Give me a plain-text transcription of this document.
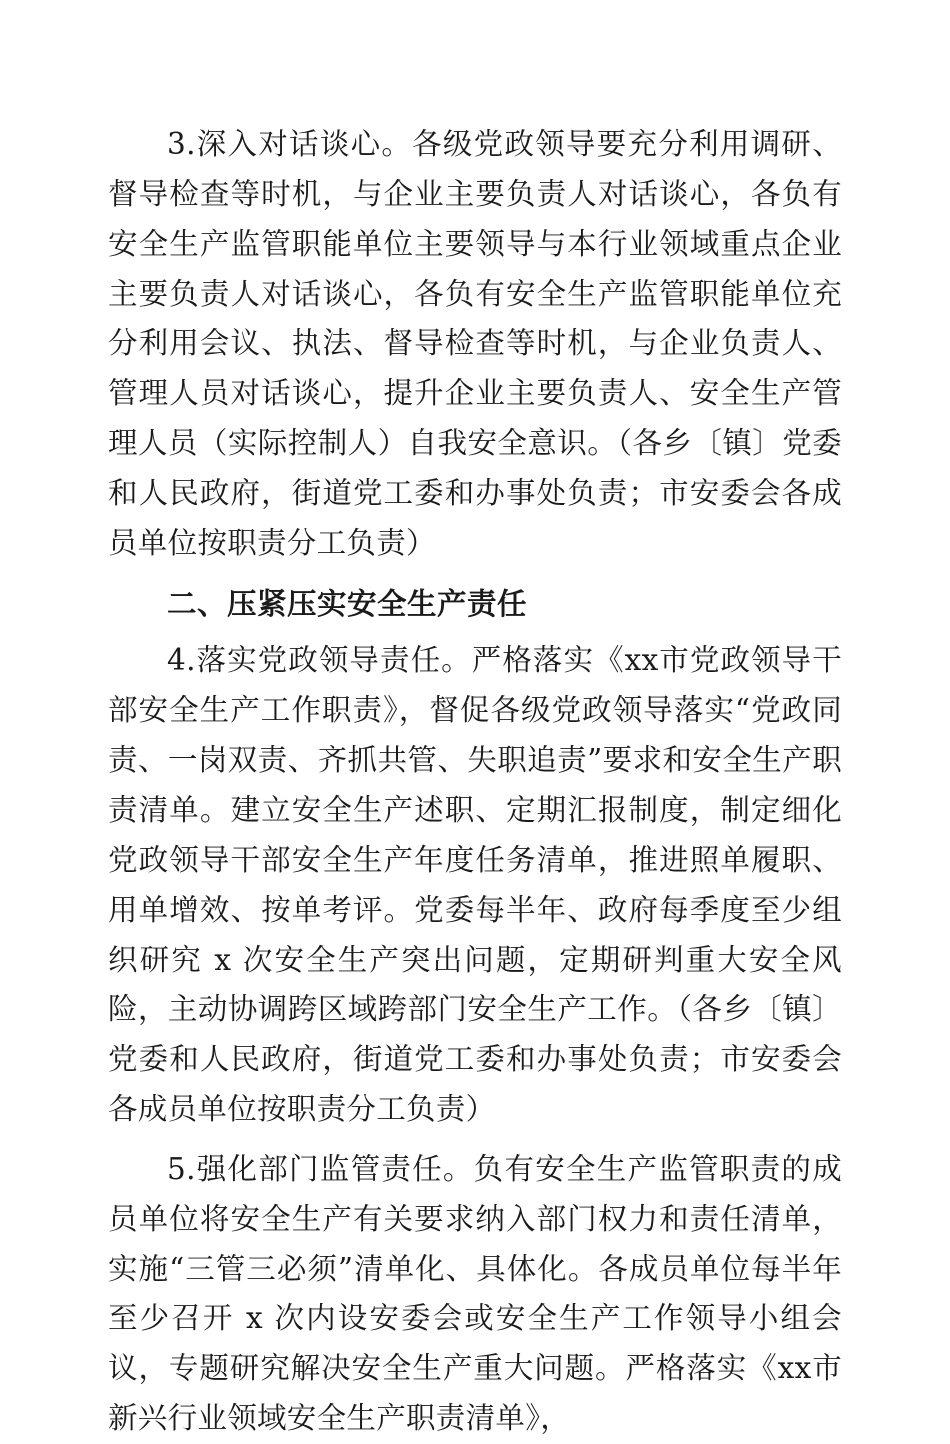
3.深入对话谈心。各级党政领导要充分利用调研、督导检查等时机，与企业主要负责人对话谈心，各负有安全生产监管职能单位主要领导与本行业领域重点企业主要负责人对话谈心，各负有安全生产监管职能单位充分利用会议、执法、督导检查等时机，与企业负责人、管理人员对话谈心，提升企业主要负责人、安全生产管理人员（实际控制人）自我安全意识。（各乡〔镇〕党委和人民政府，街道党工委和办事处负责；市安委会各成员单位按职责分工负责）

二、压紧压实安全生产责任

4.落实党政领导责任。严格落实《xx市党政领导干部安全生产工作职责》，督促各级党政领导落实“党政同责、一岗双责、齐抓共管、失职追责”要求和安全生产职责清单。建立安全生产述职、定期汇报制度，制定细化党政领导干部安全生产年度任务清单，推进照单履职、用单增效、按单考评。党委每半年、政府每季度至少组织研究 x 次安全生产突出问题，定期研判重大安全风险，主动协调跨区域跨部门安全生产工作。（各乡〔镇〕党委和人民政府，街道党工委和办事处负责；市安委会各成员单位按职责分工负责）

5.强化部门监管责任。负有安全生产监管职责的成员单位将安全生产有关要求纳入部门权力和责任清单，实施“三管三必须”清单化、具体化。各成员单位每半年至少召开 x 次内设安委会或安全生产工作领导小组会议，专题研究解决安全生产重大问题。严格落实《xx市新兴行业领域安全生产职责清单》，
